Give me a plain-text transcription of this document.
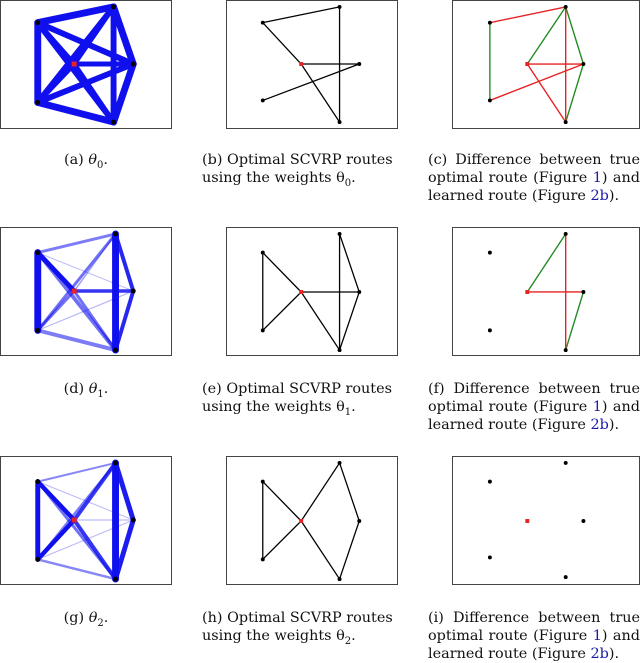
(a) $\theta_0$.	(b) Optimal SCVRP routes using the weights $\theta_0$.
(c) Difference between true optimal route (Figure 1) and learned route (Figure 2b).
(d) $\theta_1$.	(e) Optimal SCVRP routes using the weights $\theta_1$.
(f) Difference between true optimal route (Figure 1) and learned route (Figure 2b).
(g) $\theta_2$.	(h) Optimal SCVRP routes using the weights $\theta_2$.
(i) Difference between true optimal route (Figure 1) and learned route (Figure 2b).
